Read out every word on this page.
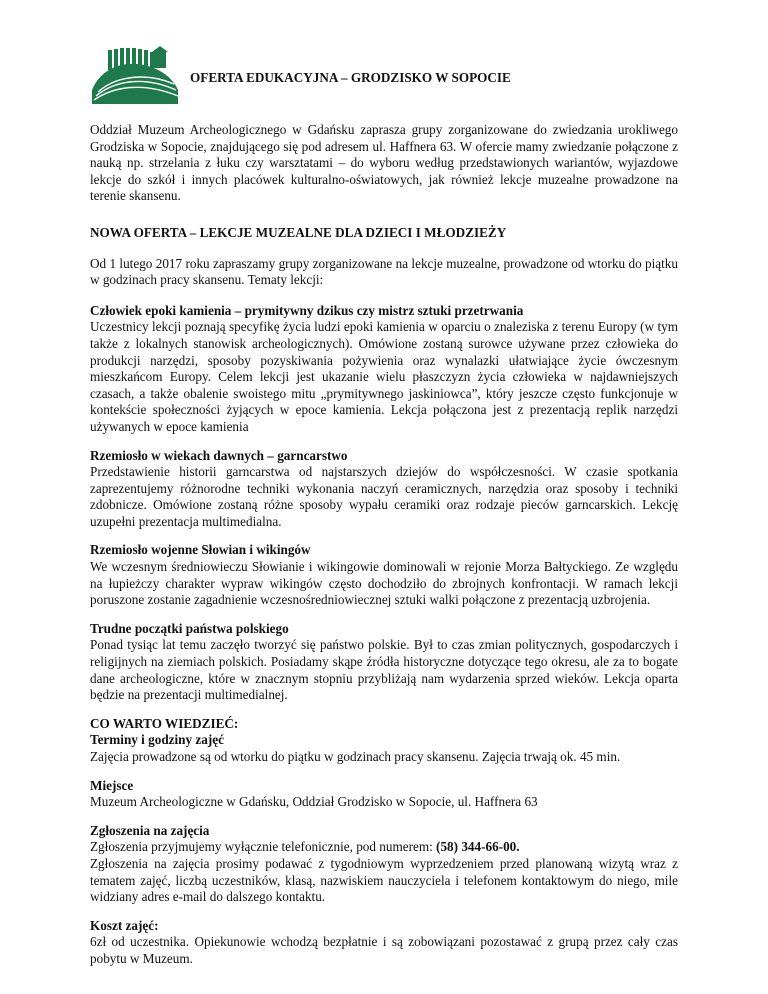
OFERTA EDUKACYJNA – GRODZISKO W SOPOCIE

Oddział Muzeum Archeologicznego w Gdańsku zaprasza grupy zorganizowane do zwiedzania urokliwego Grodziska w Sopocie, znajdującego się pod adresem ul. Haffnera 63. W ofercie mamy zwiedzanie połączone z nauką np. strzelania z łuku czy warsztatami – do wyboru według przedstawionych wariantów, wyjazdowe lekcje do szkół i innych placówek kulturalno-oświatowych, jak również lekcje muzealne prowadzone na terenie skansenu.

NOWA OFERTA – LEKCJE MUZEALNE DLA DZIECI I MŁODZIEŻY

Od 1 lutego 2017 roku zapraszamy grupy zorganizowane na lekcje muzealne, prowadzone od wtorku do piątku w godzinach pracy skansenu. Tematy lekcji:

Człowiek epoki kamienia – prymitywny dzikus czy mistrz sztuki przetrwania

Uczestnicy lekcji poznają specyfikę życia ludzi epoki kamienia w oparciu o znaleziska z terenu Europy (w tym także z lokalnych stanowisk archeologicznych). Omówione zostaną surowce używane przez człowieka do produkcji narzędzi, sposoby pozyskiwania pożywienia oraz wynalazki ułatwiające życie ówczesnym mieszkańcom Europy. Celem lekcji jest ukazanie wielu płaszczyzn życia człowieka w najdawniejszych czasach, a także obalenie swoistego mitu „prymitywnego jaskiniowca”, który jeszcze często funkcjonuje w kontekście społeczności żyjących w epoce kamienia. Lekcja połączona jest z prezentacją replik narzędzi używanych w epoce kamienia

Rzemiosło w wiekach dawnych – garncarstwo

Przedstawienie historii garncarstwa od najstarszych dziejów do współczesności. W czasie spotkania zaprezentujemy różnorodne techniki wykonania naczyń ceramicznych, narzędzia oraz sposoby i techniki zdobnicze. Omówione zostaną różne sposoby wypału ceramiki oraz rodzaje pieców garncarskich. Lekcję uzupełni prezentacja multimedialna.

Rzemiosło wojenne Słowian i wikingów

We wczesnym średniowieczu Słowianie i wikingowie dominowali w rejonie Morza Bałtyckiego. Ze względu na łupieżczy charakter wypraw wikingów często dochodziło do zbrojnych konfrontacji. W ramach lekcji poruszone zostanie zagadnienie wczesnośredniowiecznej sztuki walki połączone z prezentacją uzbrojenia.

Trudne początki państwa polskiego

Ponad tysiąc lat temu zaczęło tworzyć się państwo polskie. Był to czas zmian politycznych, gospodarczych i religijnych na ziemiach polskich. Posiadamy skąpe źródła historyczne dotyczące tego okresu, ale za to bogate dane archeologiczne, które w znacznym stopniu przybliżają nam wydarzenia sprzed wieków. Lekcja oparta będzie na prezentacji multimedialnej.

CO WARTO WIEDZIEĆ:

Terminy i godziny zajęć

Zajęcia prowadzone są od wtorku do piątku w godzinach pracy skansenu. Zajęcia trwają ok. 45 min.

Miejsce

Muzeum Archeologiczne w Gdańsku, Oddział Grodzisko w Sopocie, ul. Haffnera 63

Zgłoszenia na zajęcia

Zgłoszenia przyjmujemy wyłącznie telefonicznie, pod numerem: (58) 344-66-00.
Zgłoszenia na zajęcia prosimy podawać z tygodniowym wyprzedzeniem przed planowaną wizytą wraz z tematem zajęć, liczbą uczestników, klasą, nazwiskiem nauczyciela i telefonem kontaktowym do niego, mile widziany adres e-mail do dalszego kontaktu.

Koszt zajęć:

6zł od uczestnika. Opiekunowie wchodzą bezpłatnie i są zobowiązani pozostawać z grupą przez cały czas pobytu w Muzeum.
